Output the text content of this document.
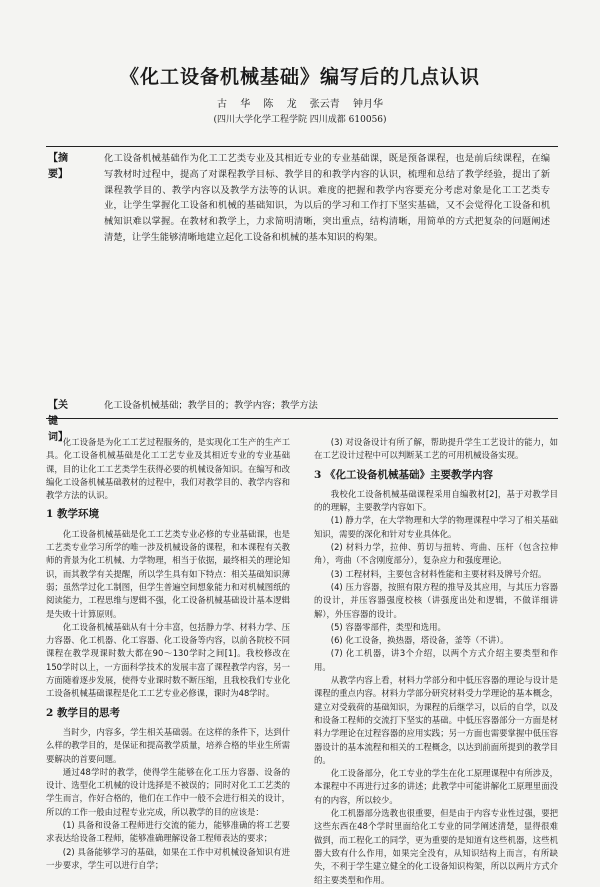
《化工设备机械基础》编写后的几点认识
古 华 陈 龙 张云青 钟月华
(四川大学化学工程学院 四川成都 610056)
【摘 要】
化工设备机械基础作为化工工艺类专业及其相近专业的专业基础课，既是预备课程，也是前后续课程，在编写教材时过程中，提高了对课程教学目标、教学目的和教学内容的认识，梳理和总结了教学经验，提出了新课程教学目的、教学内容以及教学方法等的认识。难度的把握和教学内容要充分考虑对象是化工工艺类专业，让学生掌握化工设备和机械的基础知识，为以后的学习和工作打下坚实基础，又不会觉得化工设备和机械知识难以掌握。在教材和教学上，力求简明清晰，突出重点，结构清晰，用简单的方式把复杂的问题阐述清楚，让学生能够清晰地建立起化工设备和机械的基本知识的构架。
【关键词】
化工设备机械基础；教学目的；教学内容；教学方法

化工设备是为化工工艺过程服务的，是实现化工生产的生产工具。化工设备机械基础是化工工艺专业及其相近专业的专业基础课，目的让化工工艺类学生获得必要的机械设备知识。在编写和改编化工设备机械基础教材的过程中，我们对教学目的、教学内容和教学方法的认识。

1 教学环境

化工设备机械基础是化工工艺类专业必修的专业基础课，也是工艺类专业学习所学的唯一涉及机械设备的课程，和本课程有关教师的背景为化工机械、力学物理，相当于依据，最终相关的理论知识，而其教学有关提醒，所以学生具有如下特点：相关基础知识薄弱；虽然学过化工制图，但学生普遍空间想象能力和对机械图纸的阅读能力，工程思维与逻辑不强，化工设备机械基础设计基本逻辑是失败十计算原则。

化工设备机械基础从有十分丰富，包括静力学、材料力学、压力容器、化工机器、化工容器、化工设备等内容，以前各院校不同课程在教学现课时数大都在90～130学时之间[1]。我校修改在150学时以上，一方面科学技术的发展丰富了课程教学内容，另一方面随着逐步发展，使得专业课时数不断压缩，且我校我们专业化工设备机械基础课程是化工工艺专业必修课，课时为48学时。

2 教学目的思考

当时少，内容多，学生相关基础弱。在这样的条件下，达到什么样的教学目的，是保证和提高教学质量，培养合格的毕业生所需要解决的首要问题。

通过48学时的教学，使得学生能够在化工压力容器、设备的设计、选型化工机械的设计选择是不被误的；同时对化工工艺类的学生而言，作好合格的，他们在工作中一般不会进行相关的设计，所以的工作一般由过程专业完成，所以教学的目的应该是：

(1) 具备和设备工程师进行交流的能力，能够准确的将工艺要求表达给设备工程师，能够准确理解设备工程师表达的要求；

(2) 具备能够学习的基础，如果在工作中对机械设备知识有进一步要求，学生可以进行自学；

(3) 对设备设计有所了解，帮助提升学生工艺设计的能力，如在工艺设计过程中可以判断某工艺的可用机械设备实现。

3 《化工设备机械基础》主要教学内容

我校化工设备机械基础课程采用自编教材[2]，基于对教学目的的理解，主要教学内容如下。

(1) 静力学，在大学物理和大学的物理课程中学习了相关基础知识，需要的深化和针对专业具体化。

(2) 材料力学，拉伸、剪切与扭转、弯曲、压杆（包含拉伸角），弯曲（不含刚度部分），复杂应力和强度理论。

(3) 工程材料，主要包含材料性能和主要材料及牌号介绍。

(4) 压力容器，按照有限方程的推导及其应用，与其压力容器的设计，并压容器强度校核（讲强度出处和逻辑，不做详细讲解），外压容器的设计。

(5) 容器零部件，类型和选用。

(6) 化工设备，换热器，塔设备，釜等（不讲）。

(7) 化工机器，讲3个介绍，以两个方式介绍主要类型和作用。

从教学内容上看，材料力学部分和中低压容器的理论与设计是课程的重点内容。材料力学部分研究材料受力学理论的基本概念，建立对受载荷的基础知识，为课程的后继学习，以后的自学，以及和设备工程师的交流打下坚实的基础。中低压容器部分一方面是材料力学理论在过程容器的应用实践；另一方面也需要掌握中低压容器设计的基本流程和相关的工程概念，以达到前面所提到的教学目的。

化工设备部分，化工专业的学生在化工原理课程中有所涉及，本课程中不再进行过多的讲述；此教学中可能讲解化工原理里面没有的内容，所以较少。

化工机器部分选教也很重要，但是由于内容专业性过强，要把这些东西在48个学时里面给化工专业的同学阐述清楚，显得很难做到，而工程化工的同学，更为重要的是知道有这些机器，这些机器大致有什么作用，如果完全没有，从知识结构上而言，有所缺失，不利于学生建立健全的化工设备知识构架，所以以两片方式介绍主要类型和作用。
